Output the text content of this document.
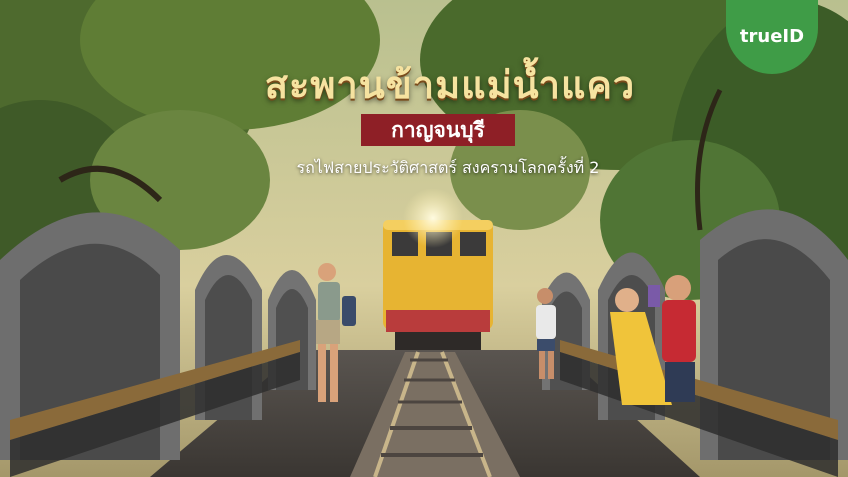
สะพานข้ามแม่น้ำแคว
กาญจนบุรี
รถไฟสายประวัติศาสตร์ สงครามโลกครั้งที่ 2
trueID
